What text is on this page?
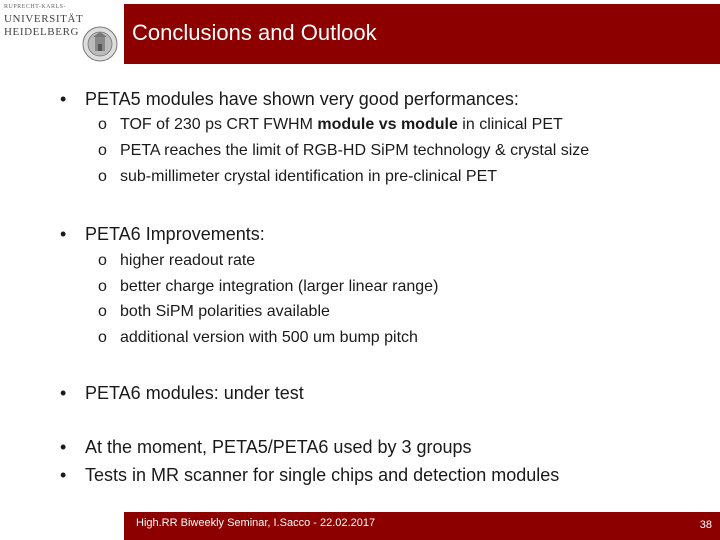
RUPRECHT-KARLS-
UNIVERSITÄT
HEIDELBERG Conclusions and Outlook
• PETA5 modules have shown very good performances:
o TOF of 230 ps CRT FWHM module vs module in clinical PET
o PETA reaches the limit of RGB-HD SiPM technology & crystal size
o sub-millimeter crystal identification in pre-clinical PET
• PETA6 Improvements:
o higher readout rate
o better charge integration (larger linear range)
o both SiPM polarities available
o additional version with 500 um bump pitch
• PETA6 modules: under test
• At the moment, PETA5/PETA6 used by 3 groups
• Tests in MR scanner for single chips and detection modules
High.RR Biweekly Seminar, I.Sacco - 22.02.2017	38
